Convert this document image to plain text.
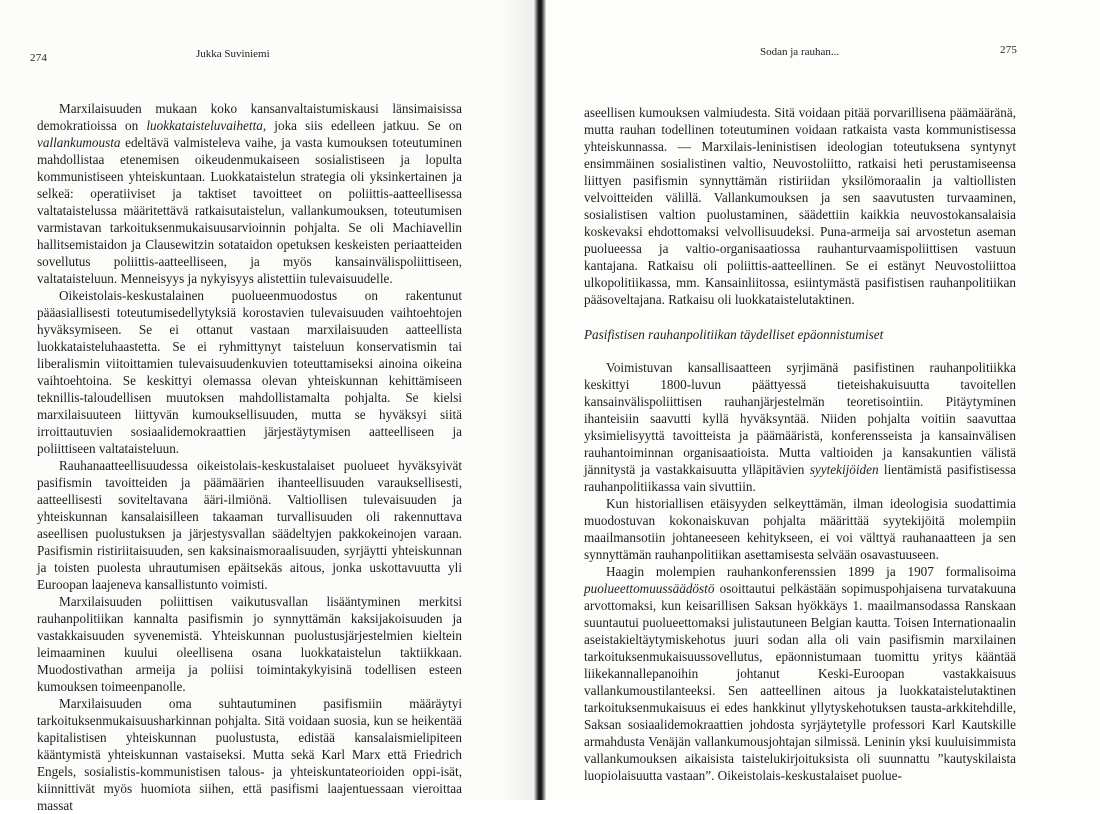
274	Jukka Suviniemi

Marxilaisuuden mukaan koko kansanvaltaistumiskausi länsimaisissa demokratioissa on luokkataisteluvaihetta, joka siis edelleen jatkuu. Se on vallankumousta edeltävä valmisteleva vaihe, ja vasta kumouksen toteutuminen mahdollistaa etenemisen oikeudenmukaiseen sosialistiseen ja lopulta kommunistiseen yhteiskuntaan. Luokkataistelun strategia oli yksinkertainen ja selkeä: operatiiviset ja taktiset tavoitteet on poliittis-aatteellisessa valtataistelussa määritettävä ratkaisutaistelun, vallankumouksen, toteutumisen varmistavan tarkoituksenmukaisuusarvioinnin pohjalta. Se oli Machiavellin hallitsemistaidon ja Clausewitzin sotataidon opetuksen keskeisten periaatteiden sovellutus poliittis-aatteelliseen, ja myös kansainvälispoliittiseen, valtataisteluun. Menneisyys ja nykyisyys alistettiin tulevaisuudelle.

Oikeistolais-keskustalainen puolueenmuodostus on rakentunut pääasiallisesti toteutumisedellytyksiä korostavien tulevaisuuden vaihtoehtojen hyväksymiseen. Se ei ottanut vastaan marxilaisuuden aatteellista luokkataisteluhaastetta. Se ei ryhmittynyt taisteluun konservatismin tai liberalismin viitoittamien tulevaisuudenkuvien toteuttamiseksi ainoina oikeina vaihtoehtoina. Se keskittyi olemassa olevan yhteiskunnan kehittämiseen teknillis-taloudellisen muutoksen mahdollistamalta pohjalta. Se kielsi marxilaisuuteen liittyvän kumouksellisuuden, mutta se hyväksyi siitä irroittautuvien sosiaalidemokraattien järjestäytymisen aatteelliseen ja poliittiseen valtataisteluun.

Rauhanaatteellisuudessa oikeistolais-keskustalaiset puolueet hyväksyivät pasifismin tavoitteiden ja päämäärien ihanteellisuuden varauksellisesti, aatteellisesti soviteltavana ääri-ilmiönä. Valtiollisen tulevaisuuden ja yhteiskunnan kansalaisilleen takaaman turvallisuuden oli rakennuttava aseellisen puolustuksen ja järjestysvallan säädeltyjen pakkokeinojen varaan. Pasifismin ristiriitaisuuden, sen kaksinaismoraalisuuden, syrjäytti yhteiskunnan ja toisten puolesta uhrautumisen epäitsekäs aitous, jonka uskottavuutta yli Euroopan laajeneva kansallistunto voimisti.

Marxilaisuuden poliittisen vaikutusvallan lisääntyminen merkitsi rauhanpolitiikan kannalta pasifismin jo synnyttämän kaksijakoisuuden ja vastakkaisuuden syvenemistä. Yhteiskunnan puolustusjärjestelmien kieltein leimaaminen kuului oleellisena osana luokkataistelun taktiikkaan. Muodostivathan armeija ja poliisi toimintakykyisinä todellisen esteen kumouksen toimeenpanolle.

Marxilaisuuden oma suhtautuminen pasifismiin määräytyi tarkoituksenmukaisuusharkinnan pohjalta. Sitä voidaan suosia, kun se heikentää kapitalistisen yhteiskunnan puolustusta, edistää kansalaismielipiteen kääntymistä yhteiskunnan vastaiseksi. Mutta sekä Karl Marx että Friedrich Engels, sosialistis-kommunistisen talous- ja yhteiskuntateorioiden oppi-isät, kiinnittivät myös huomiota siihen, että pasifismi laajentuessaan vieroittaa massat

Sodan ja rauhan...	275

aseellisen kumouksen valmiudesta. Sitä voidaan pitää porvarillisena päämääränä, mutta rauhan todellinen toteutuminen voidaan ratkaista vasta kommunistisessa yhteiskunnassa. — Marxilais-leninistisen ideologian toteutuksena syntynyt ensimmäinen sosialistinen valtio, Neuvostoliitto, ratkaisi heti perustamiseensa liittyen pasifismin synnyttämän ristiriidan yksilömoraalin ja valtiollisten velvoitteiden välillä. Vallankumouksen ja sen saavutusten turvaaminen, sosialistisen valtion puolustaminen, säädettiin kaikkia neuvostokansalaisia koskevaksi ehdottomaksi velvollisuudeksi. Puna-armeija sai arvostetun aseman puolueessa ja valtio-organisaatiossa rauhanturvaamispoliittisen vastuun kantajana. Ratkaisu oli poliittis-aatteellinen. Se ei estänyt Neuvostoliittoa ulkopolitiikassa, mm. Kansainliitossa, esiintymästä pasifistisen rauhanpolitiikan pääsoveltajana. Ratkaisu oli luokkataistelutaktinen.

Pasifistisen rauhanpolitiikan täydelliset epäonnistumiset

Voimistuvan kansallisaatteen syrjimänä pasifistinen rauhanpolitiikka keskittyi 1800-luvun päättyessä tieteishakuisuutta tavoitellen kansainvälispoliittisen rauhanjärjestelmän teoretisointiin. Pitäytyminen ihanteisiin saavutti kyllä hyväksyntää. Niiden pohjalta voitiin saavuttaa yksimielisyyttä tavoitteista ja päämääristä, konferensseista ja kansainvälisen rauhantoiminnan organisaatioista. Mutta valtioiden ja kansakuntien välistä jännitystä ja vastakkaisuutta ylläpitävien syytekijöiden lientämistä pasifistisessa rauhanpolitiikassa vain sivuttiin.

Kun historiallisen etäisyyden selkeyttämän, ilman ideologisia suodattimia muodostuvan kokonaiskuvan pohjalta määrittää syytekijöitä molempiin maailmansotiin johtaneeseen kehitykseen, ei voi välttyä rauhanaatteen ja sen synnyttämän rauhanpolitiikan asettamisesta selvään osavastuuseen.

Haagin molempien rauhankonferenssien 1899 ja 1907 formalisoima puolueettomuussäädöstö osoittautui pelkästään sopimuspohjaisena turvatakuuna arvottomaksi, kun keisarillisen Saksan hyökkäys 1. maailmansodassa Ranskaan suuntautui puolueettomaksi julistautuneen Belgian kautta. Toisen Internationaalin aseistakieltäytymiskehotus juuri sodan alla oli vain pasifismin marxilainen tarkoituksenmukaisuussovellutus, epäonnistumaan tuomittu yritys kääntää liikekannallepanoihin johtanut Keski-Euroopan vastakkaisuus vallankumoustilanteeksi. Sen aatteellinen aitous ja luokkataistelutaktinen tarkoituksenmukaisuus ei edes hankkinut yllytyskehotuksen tausta-arkkitehdille, Saksan sosiaalidemokraattien johdosta syrjäytetylle professori Karl Kautskille armahdusta Venäjän vallankumousjohtajan silmissä. Leninin yksi kuuluisimmista vallankumouksen aikaisista taistelukirjoituksista oli suunnattu ”kautyskilaista luopiolaisuutta vastaan”. Oikeistolais-keskustalaiset puolue-
